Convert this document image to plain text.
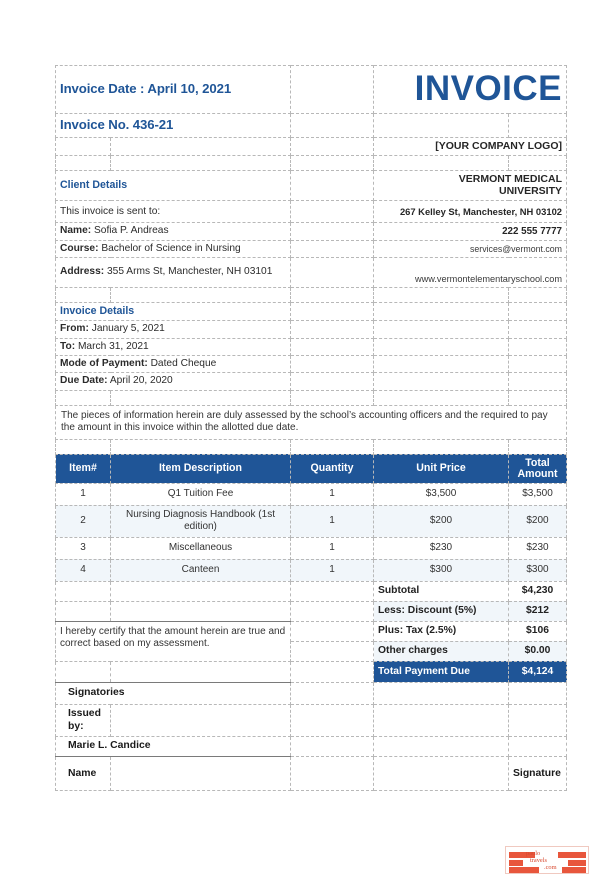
Invoice Date : April 10, 2021			INVOICE	
Invoice No. 436-21				
			[YOUR COMPANY LOGO]	

Client Details			VERMONT MEDICAL
UNIVERSITY	
This invoice is sent to:			267 Kelley St, Manchester, NH 03102	
Name: Sofia P. Andreas			222 555 7777	
Course: Bachelor of Science in Nursing			services@vermont.com	
Address: 355 Arms St, Manchester, NH 03101			www.vermontelementaryschool.com	

Invoice Details				
From: January 5, 2021				
To: March 31, 2021				
Mode of Payment: Dated Cheque				
Due Date: April 20, 2020				

The pieces of information herein are duly assessed by the school’s accounting officers and the required to pay the amount in this invoice within the allotted due date.				

Item#	Item Description	Quantity	Unit Price	Total
Amount
1	Q1 Tuition Fee	1	$3,500	$3,500
2	Nursing Diagnosis Handbook (1st edition)	1	$200	$200
3	Miscellaneous	1	$230	$230
4	Canteen	1	$300	$300
			Subtotal	$4,230
			Less: Discount (5%)	$212
I hereby certify that the amount herein are true and correct based on my assessment.			Plus: Tax (2.5%)	$106
			Other charges	$0.00
			Total Payment Due	$4,124
Signatories				
Issued by:				
Marie L. Candice				
Name				Signature
paulo
travels
.com
